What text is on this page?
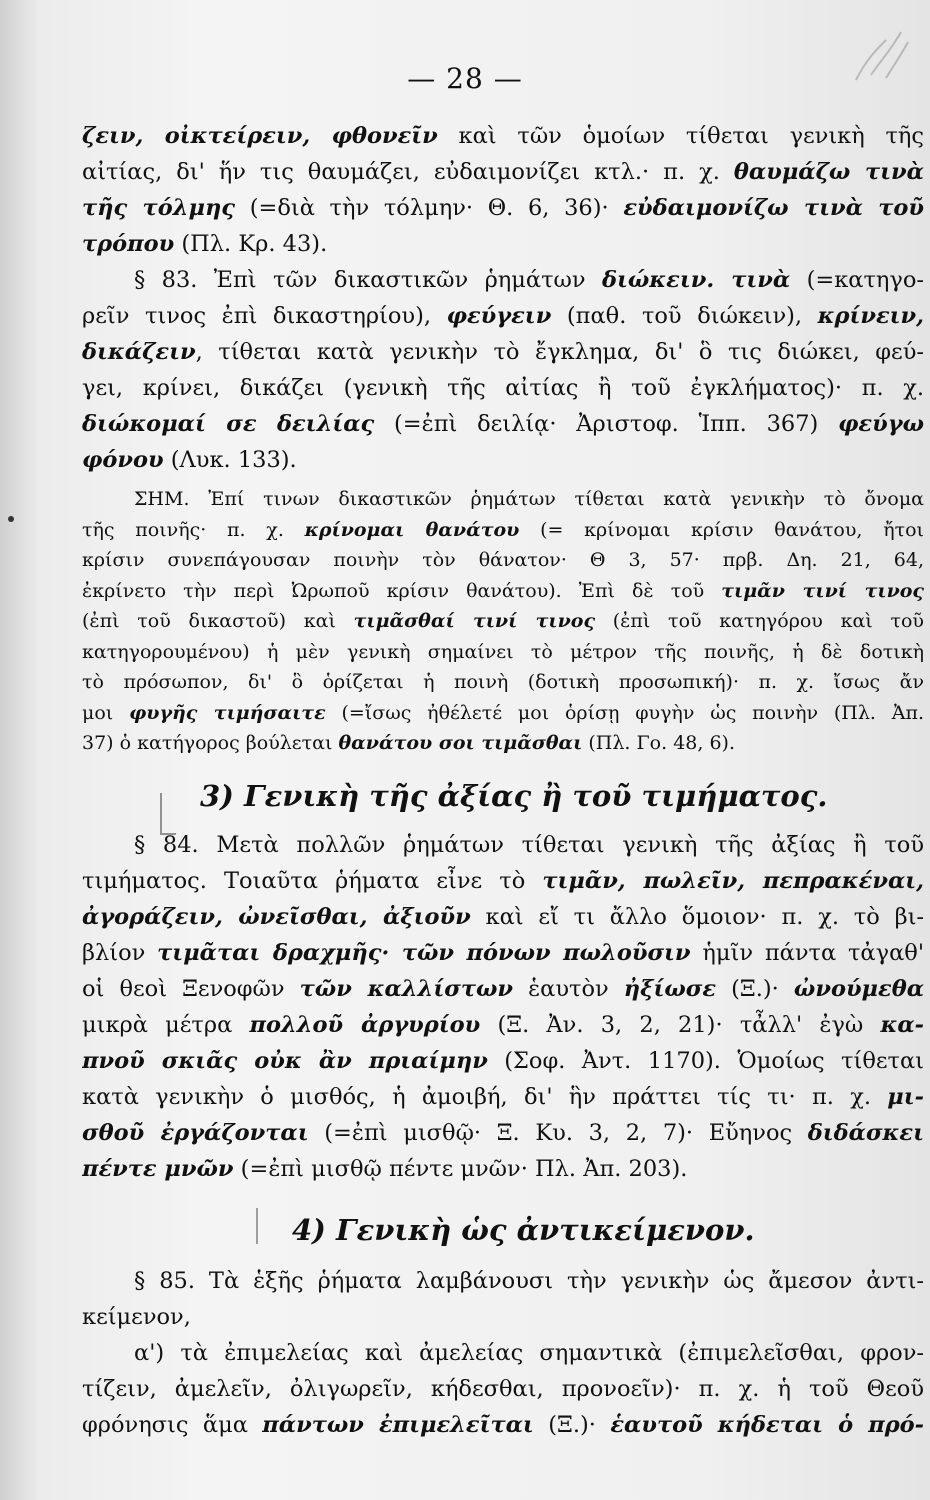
— 28 —
ζειν, οἰκτείρειν, φθονεῖν καὶ τῶν ὁμοίων τίθεται γενικὴ τῆς
αἰτίας, δι' ἥν τις θαυμάζει, εὐδαιμονίζει κτλ.· π. χ. θαυμάζω τινὰ
τῆς τόλμης (=διὰ τὴν τόλμην· Θ. 6, 36)· εὐδαιμονίζω τινὰ τοῦ
τρόπου (Πλ. Κρ. 43).
§ 83. Ἐπὶ τῶν δικαστικῶν ῥημάτων διώκειν. τινὰ (=κατηγο-
ρεῖν τινος ἐπὶ δικαστηρίου), φεύγειν (παθ. τοῦ διώκειν), κρίνειν,
δικάζειν, τίθεται κατὰ γενικὴν τὸ ἔγκλημα, δι' ὃ τις διώκει, φεύ-
γει, κρίνει, δικάζει (γενικὴ τῆς αἰτίας ἢ τοῦ ἐγκλήματος)· π. χ.
διώκομαί σε δειλίας (=ἐπὶ δειλίᾳ· Ἀριστοφ. Ἱππ. 367) φεύγω
φόνου (Λυκ. 133).
ΣΗΜ. Ἐπί τινων δικαστικῶν ῥημάτων τίθεται κατὰ γενικὴν τὸ ὄνομα
τῆς ποινῆς· π. χ. κρίνομαι θανάτου (= κρίνομαι κρίσιν θανάτου, ἤτοι
κρίσιν συνεπάγουσαν ποινὴν τὸν θάνατον· Θ 3, 57· πρβ. Δη. 21, 64,
ἐκρίνετο τὴν περὶ Ὠρωποῦ κρίσιν θανάτου). Ἐπὶ δὲ τοῦ τιμᾶν τινί τινος
(ἐπὶ τοῦ δικαστοῦ) καὶ τιμᾶσθαί τινί τινος (ἐπὶ τοῦ κατηγόρου καὶ τοῦ
κατηγορουμένου) ἡ μὲν γενικὴ σημαίνει τὸ μέτρον τῆς ποινῆς, ἡ δὲ δοτικὴ
τὸ πρόσωπον, δι' ὃ ὁρίζεται ἡ ποινὴ (δοτικὴ προσωπική)· π. χ. ἴσως ἄν
μοι φυγῆς τιμήσαιτε (=ἴσως ἠθέλετέ μοι ὁρίσῃ φυγὴν ὡς ποινὴν (Πλ. Ἀπ.
37) ὁ κατήγορος βούλεται θανάτου σοι τιμᾶσθαι (Πλ. Γο. 48, 6).
3) Γενικὴ τῆς ἀξίας ἢ τοῦ τιμήματος.
§ 84. Μετὰ πολλῶν ῥημάτων τίθεται γενικὴ τῆς ἀξίας ἢ τοῦ
τιμήματος. Τοιαῦτα ῥήματα εἶνε τὸ τιμᾶν, πωλεῖν, πεπρακέναι,
ἀγοράζειν, ὠνεῖσθαι, ἀξιοῦν καὶ εἴ τι ἄλλο ὅμοιον· π. χ. τὸ βι-
βλίον τιμᾶται δραχμῆς· τῶν πόνων πωλοῦσιν ἡμῖν πάντα τἀγαθ'
οἱ θεοὶ Ξενοφῶν τῶν καλλίστων ἑαυτὸν ἠξίωσε (Ξ.)· ὠνούμεθα
μικρὰ μέτρα πολλοῦ ἀργυρίου (Ξ. Ἀν. 3, 2, 21)· τἆλλ' ἐγὼ κα-
πνοῦ σκιᾶς οὐκ ἂν πριαίμην (Σοφ. Ἀντ. 1170). Ὁμοίως τίθεται
κατὰ γενικὴν ὁ μισθός, ἡ ἀμοιβή, δι' ἣν πράττει τίς τι· π. χ. μι-
σθοῦ ἐργάζονται (=ἐπὶ μισθῷ· Ξ. Κυ. 3, 2, 7)· Εὔηνος διδάσκει
πέντε μνῶν (=ἐπὶ μισθῷ πέντε μνῶν· Πλ. Ἀπ. 203).
4) Γενικὴ ὡς ἀντικείμενον.
§ 85. Τὰ ἑξῆς ῥήματα λαμβάνουσι τὴν γενικὴν ὡς ἄμεσον ἀντι-
κείμενον,
α') τὰ ἐπιμελείας καὶ ἀμελείας σημαντικὰ (ἐπιμελεῖσθαι, φρον-
τίζειν, ἀμελεῖν, ὀλιγωρεῖν, κήδεσθαι, προνοεῖν)· π. χ. ἡ τοῦ Θεοῦ
φρόνησις ἅμα πάντων ἐπιμελεῖται (Ξ.)· ἑαυτοῦ κήδεται ὁ πρό-
